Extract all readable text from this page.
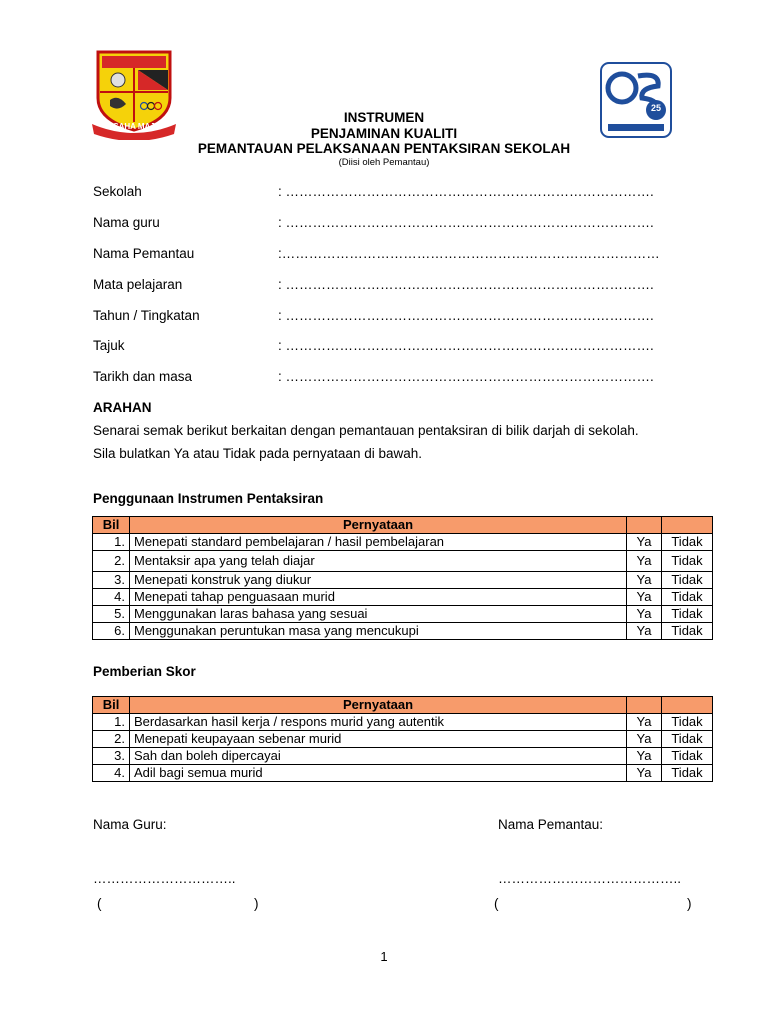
USAHA MAJU
25
INSTRUMEN
PENJAMINAN KUALITI
PEMANTAUAN PELAKSANAAN PENTAKSIRAN SEKOLAH
(Diisi oleh Pemantau)
Sekolah	: ……………………………………………………………………….
Nama guru	: ……………………………………………………………………….
Nama Pemantau	:…………………………………………………………………………
Mata pelajaran	: ……………………………………………………………………….
Tahun / Tingkatan	: ……………………………………………………………………….
Tajuk	: ……………………………………………………………………….
Tarikh dan masa	: ……………………………………………………………………….
ARAHAN
Senarai semak berikut berkaitan dengan pemantauan pentaksiran di bilik darjah di sekolah.
Sila bulatkan Ya atau Tidak pada pernyataan di bawah.
Penggunaan Instrumen Pentaksiran
Bil	Pernyataan		
1.	Menepati standard pembelajaran / hasil pembelajaran	Ya	Tidak
2.	Mentaksir apa yang telah diajar	Ya	Tidak
3.	Menepati konstruk yang diukur	Ya	Tidak
4.	Menepati tahap penguasaan murid	Ya	Tidak
5.	Menggunakan laras bahasa yang sesuai	Ya	Tidak
6.	Menggunakan peruntukan masa yang mencukupi	Ya	Tidak
Pemberian Skor
Bil	Pernyataan		
1.	Berdasarkan hasil kerja / respons murid yang autentik	Ya	Tidak
2.	Menepati keupayaan sebenar murid	Ya	Tidak
3.	Sah dan boleh dipercayai	Ya	Tidak
4.	Adil bagi semua murid	Ya	Tidak
Nama Guru:	Nama Pemantau:
…………………………..	…………………………………..
(	)	(	)
1
